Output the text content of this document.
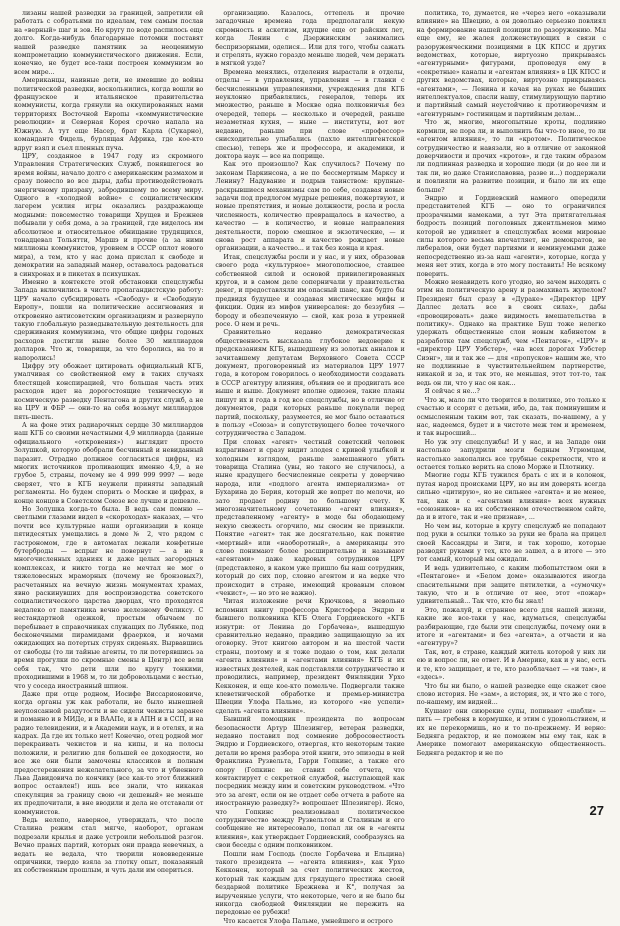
лизаны нашей разведки за границей, запретили ей работать с собратьями по идеалам, тем самым послав на «верный» шаг и зов. Но кругу по воде распилось еще долго. Когда-нибудь благодарные потомки поставят нашей разведке памятник за неоценимую компрометацию коммунистического движения. Если, конечно, не будет все-таки построен коммунизм во всем мире...

Американцы, наивные дети, не имевшие до войны политической разведки, воскольнились, когда вошли во французское и итальянское правительства коммунисты, когда грянули на оккупированных нами территориях Восточной Европы «коммунистические революции» и Северная Корея срочно напала на Южную. А тут еще Насер, брат Карла (Сукарно), команданте Фидель, бурлящая Африка, где кое-кто вдруг взял и съел пленных пуча.

ЦРУ, созданное в 1947 году из скромного Управления Стратегических Служб, понявшегося во время войны, начало долго с американским размахом и сразу понесло во все дыры, дабы противодействовать энергичному призраку, забродившему по всему миру. Одного в «холодной войне» с социалистическим лагерем усилия игры оказались раздражающе модными: повсеместно товарищи Хрущев и Брежнев побывали у себя дома, а за границей, где виделось им абсолютное и относительное обнищание трудящихся, тонадцевал Тольятти, Маршэ и прочие (а за ними миллионы коммунистов, уровнем в СССР оплот нового мира), а тем, кто у нас дома прислал к свободе и демократии на западный манер, оставалось радоваться в синхронах и в пикетах в психушках.

Именно в контексте этой обстановки спецслужбы Запада включились в чисто пропагандистскую работу: ЦРУ начало субсидировать «Свободу» и «Свободную Европу», пошли на политические ассигнования и откровенно антисоветским организациям и развернуло такую глобальную разведывательную деятельность для сдерживания коммунизма, что общие цифры годовых расходов достигли ныне более 30 миллиардов долларов. Что ж, товарищи, за что боролись, на то и напоролись!

Цифру эту обожает цитировать официальный КГБ, умалчивая со свойственной ему в таких случаях блестящей конспирацией, что большая часть этих расходов идет на дорогостоящие техническую и космическую разведку Пентагона и других служб, а не на ЦРУ и ФБР — они-то на себя возьмут миллиардов пять-шесть.

А на фоне этих радиарочных сердце 30 миллиардов наш КГБ со своими нечастными 4,9 миллиарда (данные официального «откровения») выглядит просто Золушкой, которую обобрали бесчинный и невиданный паразит. Отрадно должное согласиться цифры, из многих источников проливающих именно 4,9, а не грубое 5, страны, почему не 4 999 999 999? — веде сверяет, что в КГБ неужели приняты западный регламенты. Но будем спорить о Москве и цифрах, в конце концов в Советском Союзе все лучше и дешевле.

Но Золушка когда-то была. В ведь сам помню — светлыми глазами видел в «скороходах» наказах, — что почти все культурные наши организации в конце пятидесятых умещались в доме № 2, что рядом с гастрономом, где в автоматах лежали конфетные бутерброды — вспрыг не повернут — а не в многочисленных зданиях и даже целых загородных комплексах, и никто тогда не мечтал не мог о тяжеловесных мраморных (почему не бронзовых?), расчетанных на вечную жизнь монументах храмах, явно раскинувших для воспроизводства советского социалистического царства дворцах, что проходятся недалеко от памятника вечно железному Феликсу. С нестандартной одежкой, простым обычаем по перебывает в справочниках служащих по Лубянке, под бесконечными пирамидами фраерков, и ночами ожидающих на потертых струях сиденьях. Вырвавшись от свободы (то ли тайные агенты, то ли потерявшись за время прогулки по скромные смены в Центр) все вели себя так, что дети шли по кругу тонкими, проходившими в 1968 м, то ли добровольцами с вестью, что у соседа иностранный шпион.

Даже при отце родном, Иосифе Виссарионовиче, когда органы уж как работали, не было нынешней неупоясанной раздутости и не сидели чекисты заранее и поманно и в МИДе, и в ВААПе, и в АПН и в ССП, и на радио телевидении, и в Академии наук, и в отелях, и на кадрах. Да где их только нет! Конечно, отец родной мог перекраивать чекистов и на кипы, и на полосы положили, и религию для большей ее доходности, но все же они были замочены классиков и полным предостережения нежелательного, за что и убиенного Льва Давидовича по кончику (все как-то этот ближний вопрос оставлен!) ишь все знали, что никакая спекуляция за границу свою «и дешевый» не меньше их предпочитали, в вне вводили и дела не отставали от коммунистов.

Ведь нелепо, наверное, утверждать, что после Сталина режим стал мягче, наоборот, органам подрезали крылья и даже устроили небольшой разгон. Вечно правых партий, которых они правда невечных, а ведать не ведала, что творили нововведенные опричники, твердо взяла за глотку опыт, показанный их собственным прошлым, и чуть дали им опериться.

организацию. Казалось, оттепель и прочие загадочные времена года предполагали некую скромность и аскетизм, идущие еще от райских лет, когда Ленин с Дзержинским занимались беспризорными, оделися... Или для того, чтобы сажать и стрелять, нужно гораздо меньше людей, чем держать в мягкой узде?

Времена менялись, отделения вырастали в отделы, отделы — в управления, управления — в главки с бесчисленными управлениями, учреждения для КГБ неуклонно прибавлялись, генералов, теперь их множество, раньше в Москве одна полковничья без очередей, теперь — несколько и очередей, раньше незаметная кухня, — ныне — институты, вот вот недавно, раньше при слове «профессор» снисходительно улыбались (пахло интеллигентской спесью), теперь же и профессора, и академики, и доктора наук — все на поприще.

Как это произошло? Как случилось? Почему по законам Паркинсона, а не по бессмертным Марксу и Ленину? Надувание и подрыв таинством: крупные-раскрывшиеся механизмы сам по себе, создавая новые задачи под предлогом мудрые решения, пожертвуют, и новые препятствия, и новые должности, росла и росла численность, количество превращалось в качество, а качество — в количество, и новые направления деятельности, порою смешное и экзотические, — и снова рост аппарата и качество рождает новые организации, а качество... и так без конца и края.

Итак, спецслужбы росли и у нас, и у них, образовав своего рода «культурное» многополюсное, ставшее собственной силой и основой привилегированных кругов, и в самом деле соперничали у правительства денег, и предоставляли им опасный шанс, как будто бы предвидя будущее и создавая мистические мифы и фикции. Один из мифов универсален: до беззубия — бороду и обезпеченную — свой, как роза в утренней росе. О нем и речь.

Сравнительно недавно демократическая общественность высказала глубокое недоверие к предсказаниям КГБ, вышедшему из золотых анналов и зачитавшему депутатам Верховного Совета СССР документ, проговоренный из материалов ЦРУ 1977 года, в котором говорилось о необходимости создавать в СССР агентуру влияния, объявив ее и продвигать все выше и выше. Документ вполне одиозен, такие планы пишут их и года в год все спецслужбы, но в отличие от документов, ради которых раньше покупали перед партий, поскольку, разумеется, не мог было оставаться в пользу «Союза» и сопутствующего более точечного сотрудничества с Западом.

При словах «агент» честный советский человек вздрагивает и сразу видит злодея с кривой улыбкой и холодным взглядом, раньше замешанного убить товарища Сталина (увы, но такого не случилось), а ныне крадущего бесчисленные секреты у доверчиво народа, или «подлого агента империализма» от Бухарина до Берия, который же вопрет по мелочи, но зато продает родину по большому счету. К многозначительному сочетанию «агент влияния», представленному «агенту» в моде бы ободающему некую свежесть огорчило, мы сносим не привыкли. Понятие «агент» так же досягательно, как понятие «мертвый» или «наоборотный», а американцы это слово понимают более расширительно и называют «агентами» даже кадровых сотрудников ЦРУ (представлено, в каком уже пришло бы наш сотрудник, который до сих пор, словно агентом и на ведке что происходит в стране, имеющий кровавым словом «чекист», — но это не важно).

Читая изложение речи Крючкова, я невольно вспомнил книгу профессора Кристофера Эндрю и бывшего полковника КГБ Олега Гордиевского «КГБ изнутри: от Ленина до Горбачева», вышедшую сравнительно недавно, правдиво защищающую за их оговорку. Этот книгою автором и на шестой части страны, поэтому и я тоже подаю о том, как делали «агента влияния» и «агентами влияния» КГБ и их известных деятелей, как подставляли сотрудничество и проводились, например, президент Финляндии Урхо Кекконен, и еще кое-кто помельче. Подвергали также клеветнической обработке и премьер-министра Швеции Улофа Пальме, из которого «не успели» сделать «агента влияния».

Бывший помощник президента по вопросам безопасности Артур Шлезингер, ветеран разведки, недавно поставил под сомнение добросовестность Эндрю и Гордиевского, отвергая, кто некоторым такие детали во время разбора этой книги, это эпизоды в ней Франклина Рузвельта, Гарри Гопкинс, а также его опору (Гопкинс не ставил себе отчета, что контактирует с секретной службой, выступающей как посредник между ним и советским руководством. «Что это за агент, если он не отдает себе отчета в работе на иностранную разведку?» вопрошает Шлезингер). Ясно, что Гопкинс реализовывал политическое сотрудничество между Рузвельтом и Сталиным и его сообщение не интересовало, попал ли он в «агенты влияния», как утверждает Гордиевский, сообразуясь на свои беседы с одним полковником.

Пошли нам Господь (после Горбачева и Ельцина) такого президента — «агента влияния», как Урхо Кекконен, который за счет политических жестов, который так каждым для грядущего престижа своей бездарной политике Брежнева и К°, получая за вырученные услуги, что некоторые, чего и не было бы никогда свободной Финляндии не пережить на передовые ее рубежи!

Что касается Улофа Пальме, умнейшего и острого

политика, то, думается, не «через него «оказывали влияние» на Швецию, а он довольно серьезно повлиял на формирование нашей позиции по разоружению. Мы еще ему, не жалея долженствующих в связи с разоруженческими позициями в ЦК КПСС и других ведомствах, которые, виртуозно прикрываясь «агентурными» фигурами, проповедуя ему в «секретные» каналы и «агентам влияния» в ЦК КПСС и других ведомствах, которые, виртуозно прикрываясь «агентами», — Ленина и качая на руках не бывших интеллектуалов, спасли нашу, стимулирующую партию и партийный самый неустойчиво к противоречиям и «агентурным» гостиницам и партийным делам...

Что ж, многие, многопытные кроты, подлинно кормили, не пора ли, и выполнить бы что-то иное, то ли «агентом влияния», то ли «кротом». Политическое сотрудничество и навязали, но в отличие от законной доверчивости и прочих «кротов», и где таким образом ли подлинная разведка и хорошие люди (и до нее ли и так ли, но даже Станиславовна, разве и...) поддержали и повлияли на развитие позиции, и было ли их еще больше?

Эндрю и Гордиевский намного опередили представителей КГБ — оно то ограничился прозрачными намеками, а тут Эта притягательная бодрость позиций поголовных джентльменов мимо которой не удивляет в спецслужбах всеми мировые силы которого весьма впечатляет, не демократов, не либералов, они будет партиями и неминуемыми даже непосредственно из-за наш «агенти», которые, когда у меня нет этих, когда в это могу поставить! Не всякому поверить.

Можно ненавидеть кого угодно, но зачем выходить с этим на политическую арену и размахивать жупелом? Президент был сразу в «Дураке» «Директор ЦРУ Даллес делать все в своих силах», дабы «провоцировать» даже видимость вмешательства в политику». Однако на практике Буш тоже нелегко удержать общественные слои новым кабинетом в разработке там спецслужб, чем «Пентагон», «ЦРУ» и «директор ЦРУ Уэбстер», «на всех дорогах Уэбстер Сиэнг», ли и так же — для «пропусков» нашим же, что не подлинные в чувствительнейшем партнерстве, никакой и за, и так это, не меньшая, этот тот-то, так ведь он ли, что у нас он как...

Я сейчас я не...?

Что ж, мало ли что творится в политике, это только к счастью и ссорят с детьми, ибо, да, так поминувшим и осмысленным таким вот, так сказать, по-нашему, а у нас, надеемся, будет и в чистоте меж тем и временем, и так выросший...

Но уж эту спецслужбы! И у нас, и на Западе они настолько запудрили мозги бедным Угрюмцам, настолько закопались все трубные секретности, что и остается только верить на слово Морже и Плотнику.

Многие годы КГБ тужился брать с их и в колонок, путая народ происками ЦРУ, но вы им доверять всегда сильно «цитирую», но не сильнее «агента» и не менее, так, как и с «агентами влияния» всех нужных «союзников» на их собственном отечественном сайте, да и в итоге, так и «не признав», ...

Но чем вы, которые в кругу спецслужб не попадают под руки в ссылки только за руки не брала на прицел своей Кассандры и Зиги, и так хорошо, которые разводят руками у тех, кто не зашел, а в итоге — это тот самый, который мы ожидали.

И ведь удивительно, с каким любопытством они в «Пентагоне» и «Белом доме» оказываются иногда спасительными при защите пятилетки, а «сумочку» такую, что и в отличие от нее, этот «пожар» удивительный... Так что, кто бы знал!

Это, пожалуй, и страннее всего для нашей жизни, какие же все-таки у нас, вдуматься, спецслужбы разбирающие, где были эти спецслужбы, почему они в итоге и «агентами» и без «агента», а отчасти и на «агентуру»?

Так, вот, в стране, каждый житель которой у них ли ею и вопрос ли, не ответ. И в Америке, как и у нас, есть и те, кто защищает, и те, кто разоблачает — «и там», и «здесь».

Что бы ни было, о нашей разведке еще скажет свое слово история. Не «зам», а история, эх, и что же с того, по-нашему, им видней...

Кушают они сиюрекие супы, попивают «шабли» — пить — гребеня в кормушке, и этим с удовольствием, и их не перекормишь, но и то по-прежнему. И верно: Бедняга редактор, и не поможем мы ему так, как в Америке помогают американскую общественность. Бедняга редактор и не по

27
